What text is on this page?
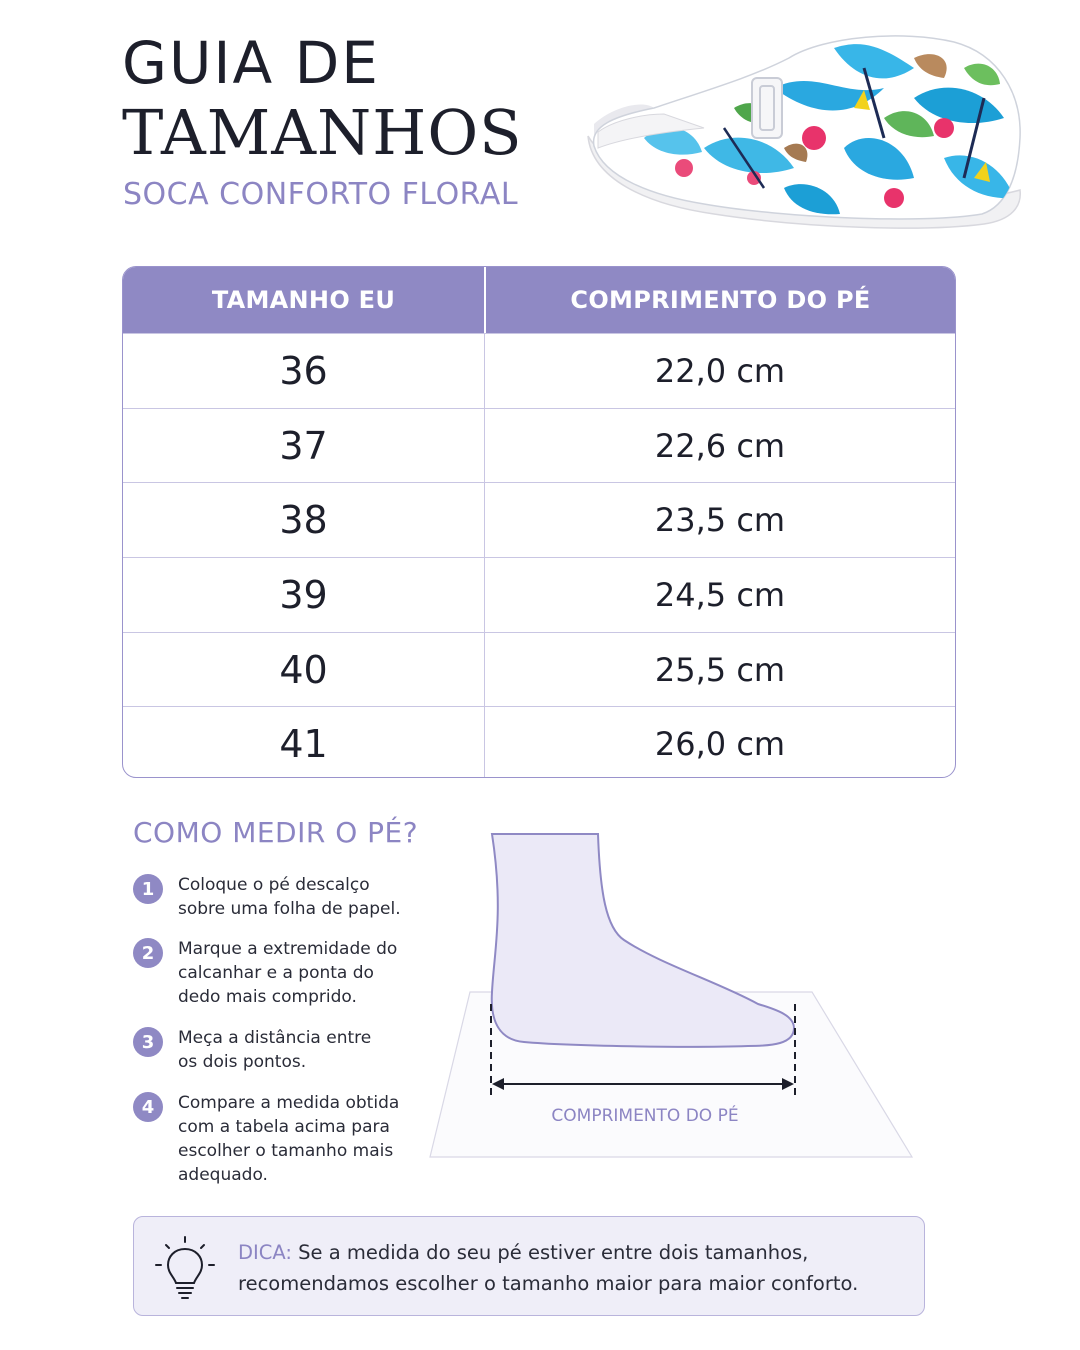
GUIA DE
TAMANHOS
SOCA CONFORTO FLORAL
TAMANHO EU	COMPRIMENTO DO PÉ
36	22,0 cm
37	22,6 cm
38	23,5 cm
39	24,5 cm
40	25,5 cm
41	26,0 cm
COMO MEDIR O PÉ?
1	Coloque o pé descalço
sobre uma folha de papel.
2	Marque a extremidade do
calcanhar e a ponta do
dedo mais comprido.
3	Meça a distância entre
os dois pontos.
4	Compare a medida obtida
com a tabela acima para
escolher o tamanho mais
adequado.
COMPRIMENTO DO PÉ
DICA: Se a medida do seu pé estiver entre dois tamanhos, recomendamos escolher o tamanho maior para maior conforto.
